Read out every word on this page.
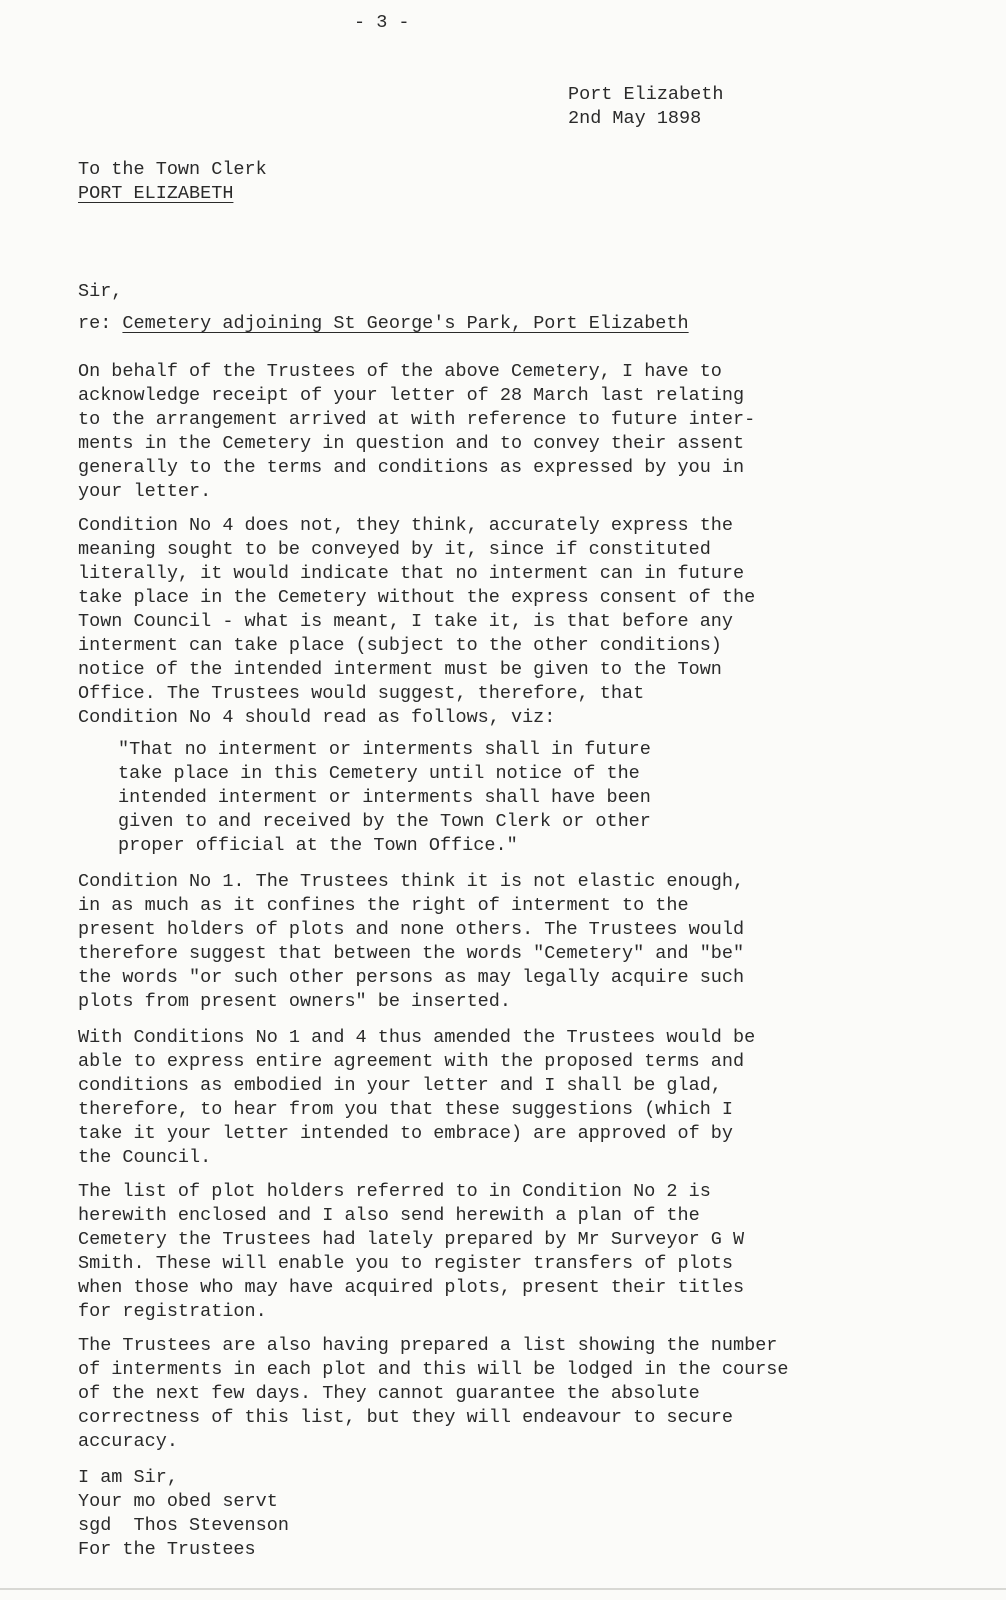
- 3 -
Port Elizabeth
2nd May 1898
To the Town Clerk
PORT ELIZABETH
Sir,
re: Cemetery adjoining St George's Park, Port Elizabeth

On behalf of the Trustees of the above Cemetery, I have to
acknowledge receipt of your letter of 28 March last relating
to the arrangement arrived at with reference to future inter-
ments in the Cemetery in question and to convey their assent
generally to the terms and conditions as expressed by you in
your letter.

Condition No 4 does not, they think, accurately express the
meaning sought to be conveyed by it, since if constituted
literally, it would indicate that no interment can in future
take place in the Cemetery without the express consent of the
Town Council - what is meant, I take it, is that before any
interment can take place (subject to the other conditions)
notice of the intended interment must be given to the Town
Office. The Trustees would suggest, therefore, that
Condition No 4 should read as follows, viz:

"That no interment or interments shall in future
take place in this Cemetery until notice of the
intended interment or interments shall have been
given to and received by the Town Clerk or other
proper official at the Town Office."

Condition No 1. The Trustees think it is not elastic enough,
in as much as it confines the right of interment to the
present holders of plots and none others. The Trustees would
therefore suggest that between the words "Cemetery" and "be"
the words "or such other persons as may legally acquire such
plots from present owners" be inserted.

With Conditions No 1 and 4 thus amended the Trustees would be
able to express entire agreement with the proposed terms and
conditions as embodied in your letter and I shall be glad,
therefore, to hear from you that these suggestions (which I
take it your letter intended to embrace) are approved of by
the Council.

The list of plot holders referred to in Condition No 2 is
herewith enclosed and I also send herewith a plan of the
Cemetery the Trustees had lately prepared by Mr Surveyor G W
Smith. These will enable you to register transfers of plots
when those who may have acquired plots, present their titles
for registration.

The Trustees are also having prepared a list showing the number
of interments in each plot and this will be lodged in the course
of the next few days. They cannot guarantee the absolute
correctness of this list, but they will endeavour to secure
accuracy.

I am Sir,
Your mo obed servt
sgd  Thos Stevenson
For the Trustees
